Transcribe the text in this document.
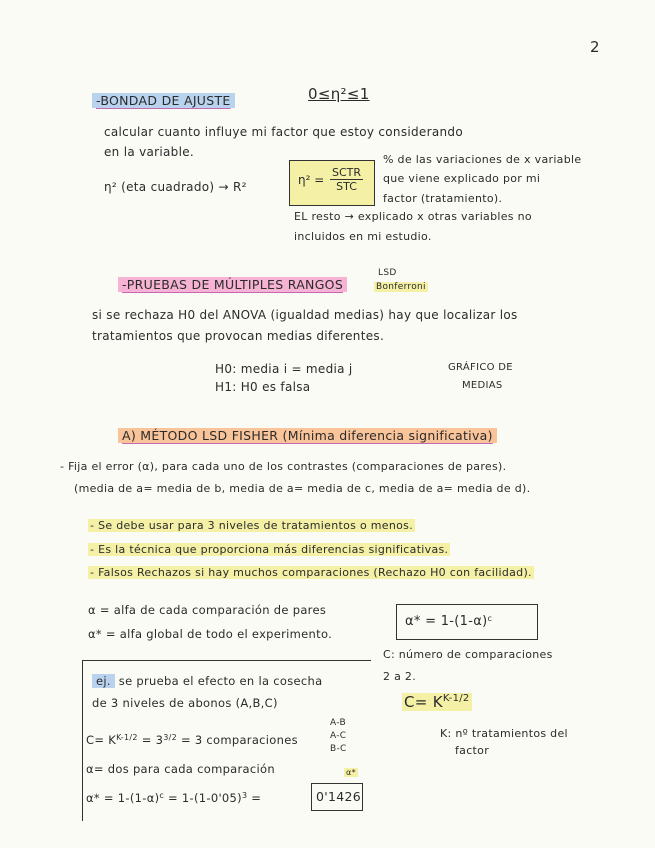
2
-BONDAD DE AJUSTE	0≤η²≤1
calcular cuanto influye mi factor que estoy considerando
en la variable.
η² (eta cuadrado) → R²	η² =
SCTR
STC
% de las variaciones de x variable
que viene explicado por mi
factor (tratamiento).
EL resto → explicado x otras variables no
incluidos en mi estudio.
-PRUEBAS DE MÚLTIPLES RANGOS
LSD
Bonferroni
si se rechaza H0 del ANOVA (igualdad medias) hay que localizar los
tratamientos que provocan medias diferentes.
H0: media i = media j
H1: H0 es falsa
GRÁFICO DE
MEDIAS
A) MÉTODO LSD FISHER (Mínima diferencia significativa)
- Fija el error (α), para cada uno de los contrastes (comparaciones de pares).
(media de a= media de b, media de a= media de c, media de a= media de d).
- Se debe usar para 3 niveles de tratamientos o menos.
- Es la técnica que proporciona más diferencias significativas.
- Falsos Rechazos si hay muchos comparaciones (Rechazo H0 con facilidad).
α = alfa de cada comparación de pares
α* = alfa global de todo el experimento.
$\alpha* = 1-(1-\alpha)^c$
C: número de comparaciones
2 a 2.
$C= K^{K-1/2}$
K: nº tratamientos del
factor
ej. se prueba el efecto en la cosecha
de 3 niveles de abonos (A,B,C)
$C= K^{K-1/2} = 3^{3/2} = 3$ comparaciones
A-B
A-C
B-C
α= dos para cada comparación	α*
$\alpha* = 1-(1-\alpha)^c = 1-(1-0'05)^3$ =	0'1426
